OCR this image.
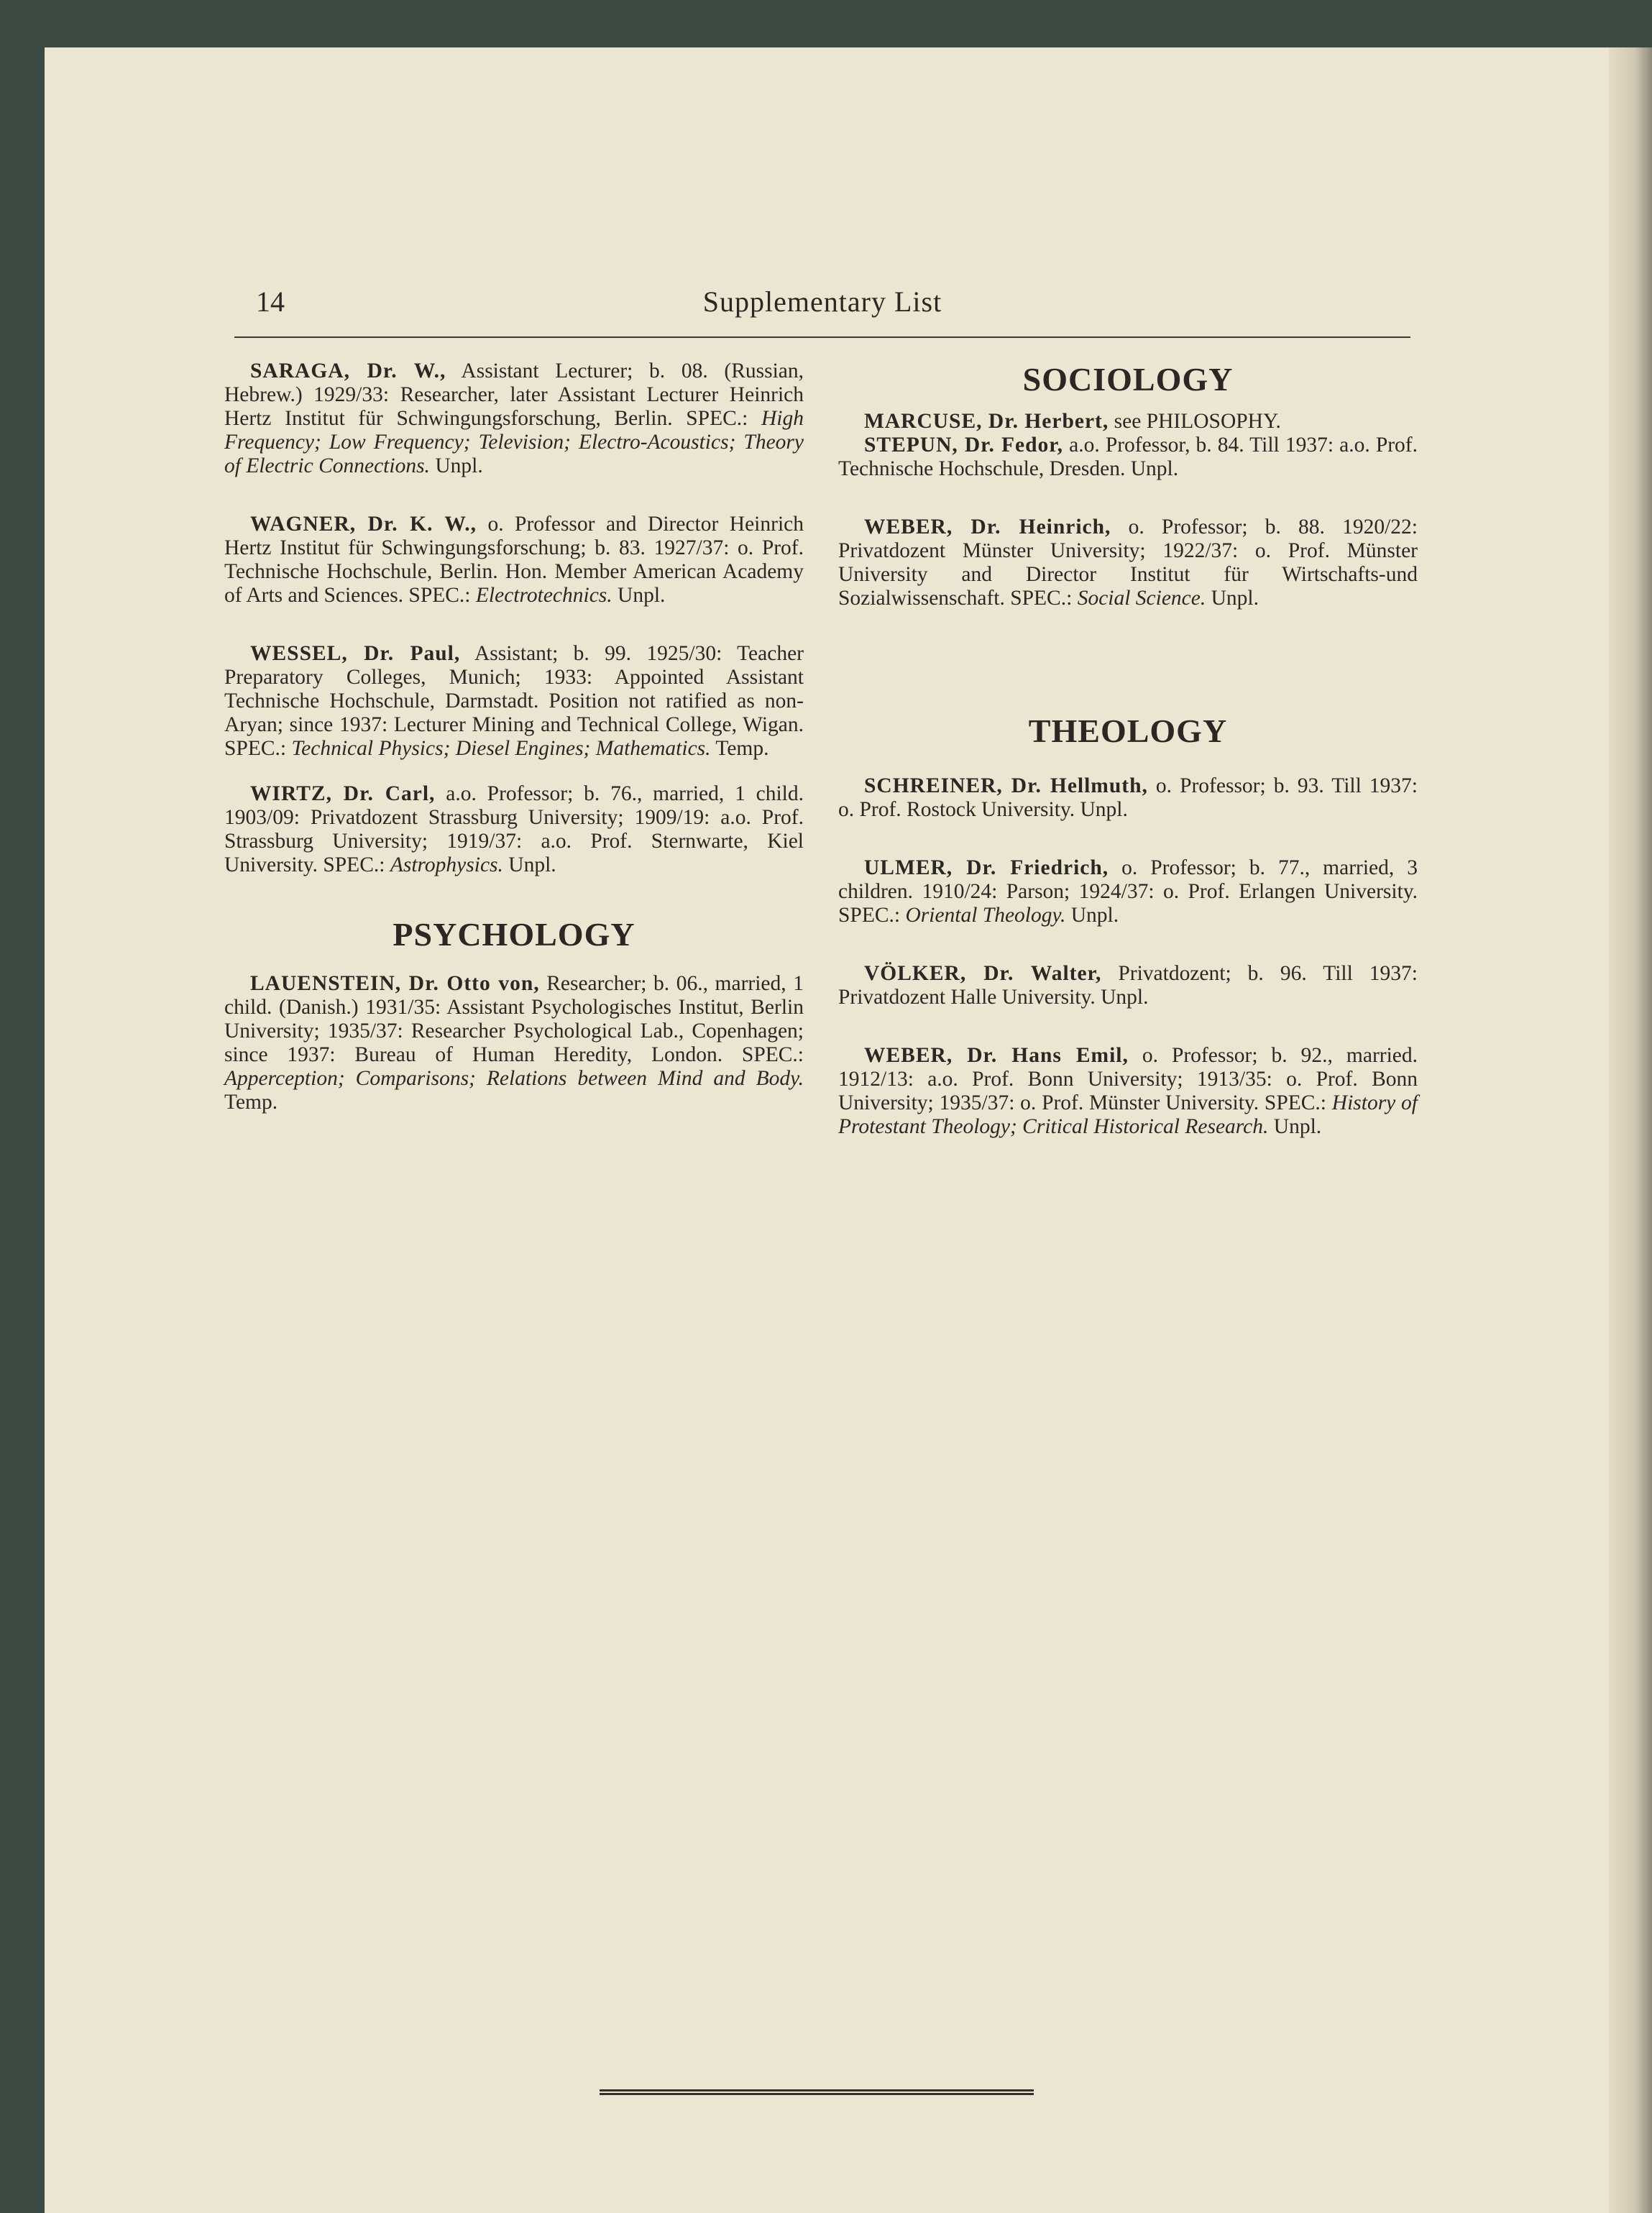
14	Supplementary List

SARAGA, Dr. W., Assistant Lecturer; b. 08. (Russian, Hebrew.) 1929/33: Researcher, later Assistant Lecturer Heinrich Hertz Institut für Schwingungsforschung, Berlin. SPEC.: High Frequency; Low Frequency; Television; Electro-Acoustics; Theory of Electric Connections. Unpl.

WAGNER, Dr. K. W., o. Professor and Director Heinrich Hertz Institut für Schwingungsforschung; b. 83. 1927/37: o. Prof. Technische Hochschule, Berlin. Hon. Member American Academy of Arts and Sciences. SPEC.: Electrotechnics. Unpl.

WESSEL, Dr. Paul, Assistant; b. 99. 1925/30: Teacher Preparatory Colleges, Munich; 1933: Appointed Assistant Technische Hochschule, Darmstadt. Position not ratified as non-Aryan; since 1937: Lecturer Mining and Technical College, Wigan. SPEC.: Technical Physics; Diesel Engines; Mathematics. Temp.

WIRTZ, Dr. Carl, a.o. Professor; b. 76., married, 1 child. 1903/09: Privatdozent Strassburg University; 1909/19: a.o. Prof. Strassburg University; 1919/37: a.o. Prof. Sternwarte, Kiel University. SPEC.: Astrophysics. Unpl.

PSYCHOLOGY

LAUENSTEIN, Dr. Otto von, Researcher; b. 06., married, 1 child. (Danish.) 1931/35: Assistant Psychologisches Institut, Berlin University; 1935/37: Researcher Psychological Lab., Copenhagen; since 1937: Bureau of Human Heredity, London. SPEC.: Apperception; Comparisons; Relations between Mind and Body. Temp.

SOCIOLOGY

MARCUSE, Dr. Herbert, see PHILOSOPHY.

STEPUN, Dr. Fedor, a.o. Professor, b. 84. Till 1937: a.o. Prof. Technische Hochschule, Dresden. Unpl.

WEBER, Dr. Heinrich, o. Professor; b. 88. 1920/22: Privatdozent Münster University; 1922/37: o. Prof. Münster University and Director Institut für Wirtschafts-und Sozialwissenschaft. SPEC.: Social Science. Unpl.

THEOLOGY

SCHREINER, Dr. Hellmuth, o. Professor; b. 93. Till 1937: o. Prof. Rostock University. Unpl.

ULMER, Dr. Friedrich, o. Professor; b. 77., married, 3 children. 1910/24: Parson; 1924/37: o. Prof. Erlangen University. SPEC.: Oriental Theology. Unpl.

VÖLKER, Dr. Walter, Privatdozent; b. 96. Till 1937: Privatdozent Halle University. Unpl.

WEBER, Dr. Hans Emil, o. Professor; b. 92., married. 1912/13: a.o. Prof. Bonn University; 1913/35: o. Prof. Bonn University; 1935/37: o. Prof. Münster University. SPEC.: History of Protestant Theology; Critical Historical Research. Unpl.
